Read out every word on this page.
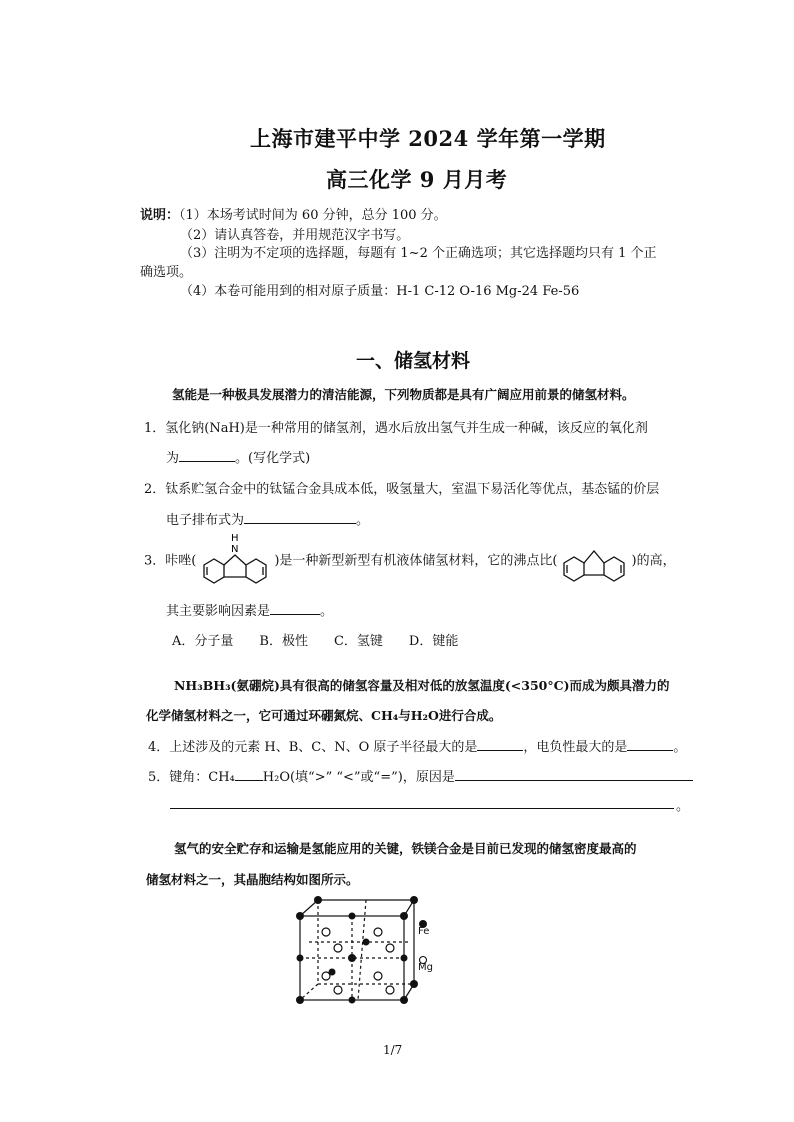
上海市建平中学 2024 学年第一学期
高三化学 9 月月考
说明：（1）本场考试时间为 60 分钟，总分 100 分。
（2）请认真答卷，并用规范汉字书写。
（3）注明为不定项的选择题，每题有 1~2 个正确选项；其它选择题均只有 1 个正
确选项。
（4）本卷可能用到的相对原子质量：H-1 C-12 O-16 Mg-24 Fe-56
一、储氢材料
氢能是一种极具发展潜力的清洁能源，下列物质都是具有广阔应用前景的储氢材料。
1．氢化钠(NaH)是一种常用的储氢剂，遇水后放出氢气并生成一种碱，该反应的氧化剂
为	。(写化学式)
2．钛系贮氢合金中的钛锰合金具成本低，吸氢量大，室温下易活化等优点，基态锰的价层
电子排布式为	。
3．咔唑(
N
H
)是一种新型新型有机液体储氢材料，它的沸点比(	)的高，
其主要影响因素是	。
A．分子量 B．极性 C．氢键 D．键能
NH₃BH₃(氨硼烷)具有很高的储氢容量及相对低的放氢温度(<350°C)而成为颇具潜力的
化学储氢材料之一，它可通过环硼氮烷、CH₄与H₂O进行合成。
4．上述涉及的元素 H、B、C、N、O 原子半径最大的是	，电负性最大的是	。
5．键角：CH₄ H₂O(填“>” “<”或“=”)，原因是
。
氢气的安全贮存和运输是氢能应用的关键，铁镁合金是目前已发现的储氢密度最高的
储氢材料之一，其晶胞结构如图所示。
Fe
Mg
1/7
